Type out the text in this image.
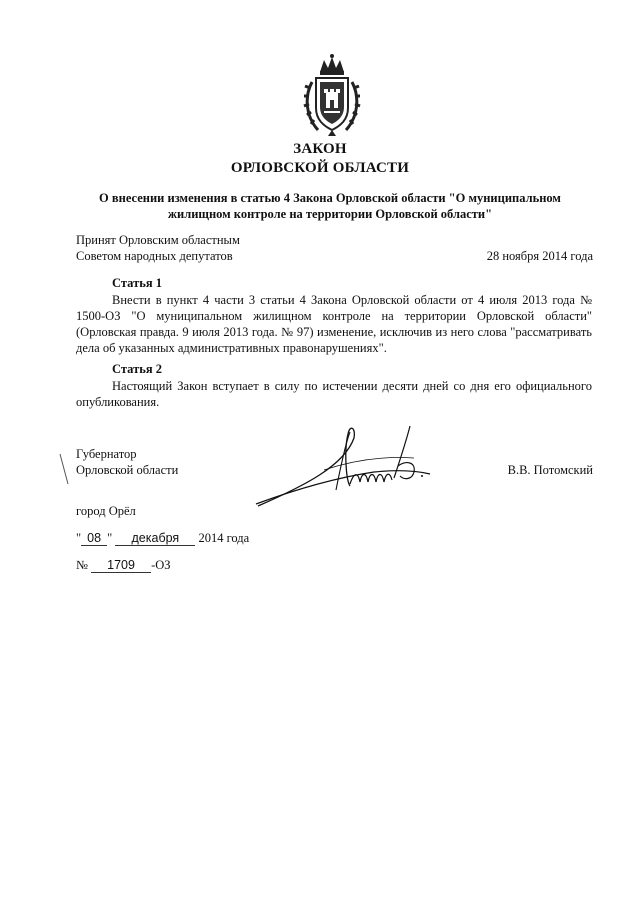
ЗАКОН
ОРЛОВСКОЙ ОБЛАСТИ
О внесении изменения в статью 4 Закона Орловской области "О муниципальном жилищном контроле на территории Орловской области"
Принят Орловским областным
Советом народных депутатов	28 ноября 2014 года
Статья 1
Внести в пункт 4 части 3 статьи 4 Закона Орловской области от 4 июля 2013 года № 1500-ОЗ "О муниципальном жилищном контроле на территории Орловской области" (Орловская правда. 9 июля 2013 года. № 97) изменение, исключив из него слова "рассматривать дела об указанных административных правонарушениях".
Статья 2
Настоящий Закон вступает в силу по истечении десяти дней со дня его официального опубликования.
Губернатор
Орловской области	В.В. Потомский
город Орёл
" 08 " декабря 2014 года
№ 1709 -ОЗ
